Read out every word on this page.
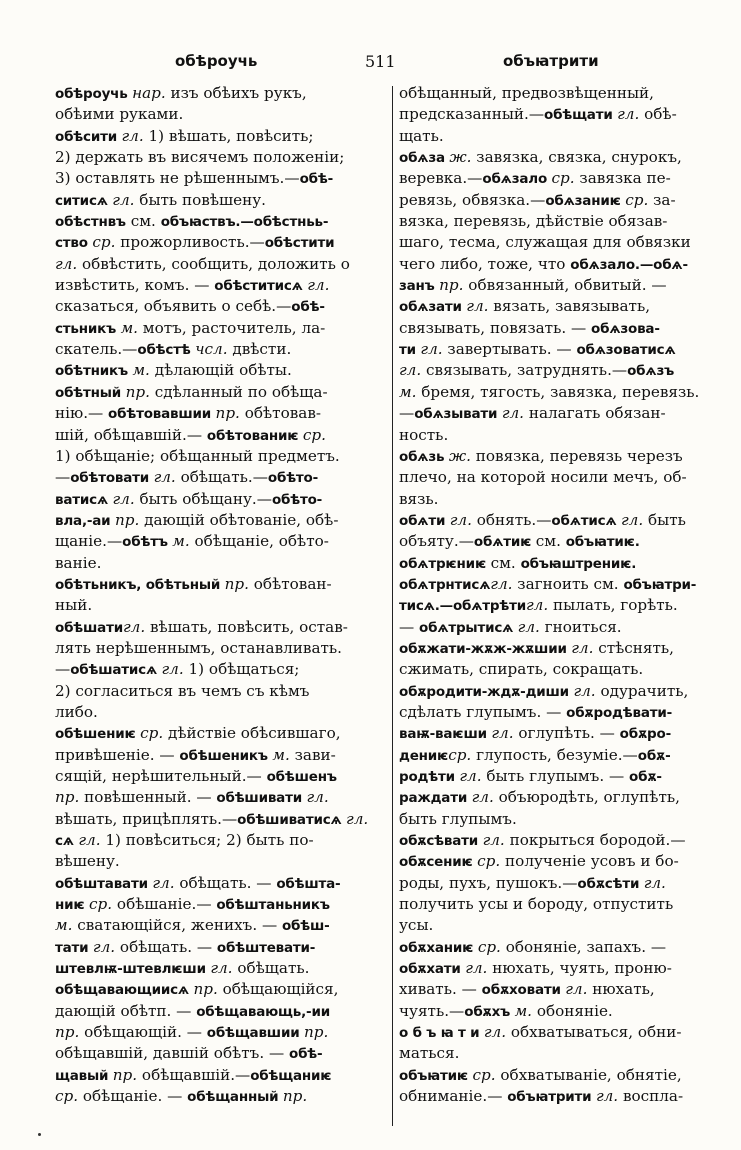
обѣроучь	511	объꙗтрити
обѣроучь нар. изъ обѣихъ рукъ,
обѣими руками.
обѣсити гл. 1) вѣшать, повѣсить;
2) держать въ висячемъ положеніи;
3) оставлять не рѣшеннымъ.—обѣ-
ситисѧ гл. быть повѣшену.
обѣстнвъ см. объꙗствъ.—обѣстньь-
ство ср. прожорливость.—обѣстити
гл. обвѣстить, сообщить, доложить о
извѣстить, комъ. — обѣститисѧ гл.
сказаться, объявить о себѣ.—обѣ-
стьникъ м. мотъ, расточитель, ла-
скатель.—обѣстѣ чсл. двѣсти.
обѣтникъ м. дѣлающій обѣты.
обѣтный пр. сдѣланный по обѣща-
нію.— обѣтовавшии пр. обѣтовав-
шій, обѣщавшій.— обѣтованиѥ ср.
1) обѣщаніе; обѣщанный предметъ.
—обѣтовати гл. обѣщать.—обѣто-
ватисѧ гл. быть обѣщану.—обѣто-
вла,-аи пр. дающій обѣтованіе, обѣ-
щаніе.—обѣтъ м. обѣщаніе, обѣто-
ваніе.
обѣтьникъ, обѣтьный пр. обѣтован-
ный.
обѣшатигл. вѣшать, повѣсить, остав-
лять нерѣшеннымъ, останавливать.
—обѣшатисѧ гл. 1) обѣщаться;
2) согласиться въ чемъ съ кѣмъ
либо.
обѣшениѥ ср. дѣйствіе обѣсившаго,
привѣшеніе. — обѣшеникъ м. зави-
сящій, нерѣшительный.— обѣшенъ
пр. повѣшенный. — обѣшивати гл.
вѣшать, прицѣплять.—обѣшиватисѧ гл.
сѧ гл. 1) повѣситься; 2) быть по-
вѣшену.
обѣштавати гл. обѣщать. — обѣшта-
ниѥ ср. обѣшаніе.— обѣштаньникъ
м. сватающійся, женихъ. — обѣш-
тати гл. обѣщать. — обѣштевати-
штевлѭ-штевлѥши гл. обѣщать.
обѣщавающиисѧ пр. обѣщающійся,
дающій обѣтп. — обѣщавающь,-ии
пр. обѣщающій. — обѣщавшии пр.
обѣщавшій, давшій обѣтъ. — обѣ-
щавый пр. обѣщавшій.—обѣщаниѥ
ср. обѣщаніе. — обѣщанный пр.
обѣщанный, предвозвѣщенный,
предсказанный.—обѣщати гл. обѣ-
щать.
обѧза ж. завязка, связка, снурокъ,
веревка.—обѧзало ср. завязка пе-
ревязь, обвязка.—обѧзаниѥ ср. за-
вязка, перевязь, дѣйствіе обязав-
шаго, тесма, служащая для обвязки
чего либо, тоже, что обѧзало.—обѧ-
занъ пр. обвязанный, обвитый. —
обѧзати гл. вязать, завязывать,
связывать, повязать. — обѧзова-
ти гл. завертывать. — обѧзоватисѧ
гл. связывать, затруднять.—обѧзъ
м. бремя, тягость, завязка, перевязь.
—обѧзывати гл. налагать обязан-
ность.
обѧзь ж. повязка, перевязь черезъ
плечо, на которой носили мечъ, об-
вязь.
обѧти гл. обнять.—обѧтисѧ гл. быть
объяту.—обѧтиѥ см. объꙗтиѥ.
обѧтрѥниѥ см. объꙗштрениѥ.
обѧтрнтисѧгл. загноить см. объꙗтри-
тисѧ.—обѧтрѣтигл. пылать, горѣть.
— обѧтрытисѧ гл. гноиться.
обѫжати-жѫж-жѫшии гл. стѣснять,
сжимать, спирать, сокращать.
обѫродити-ждѫ-диши гл. одурачить,
сдѣлать глупымъ. — обѫродѣвати-
ваѭ-ваѥши гл. оглупѣть. — обѫро-
дениѥср. глупость, безуміе.—обѫ-
родѣти гл. быть глупымъ. — обѫ-
раждати гл. объюродѣть, оглупѣть,
быть глупымъ.
обѫсѣвати гл. покрыться бородой.—
обѫсениѥ ср. полученіе усовъ и бо-
роды, пухъ, пушокъ.—обѫсѣти гл.
получить усы и бороду, отпустить
усы.
обѫханиѥ ср. обоняніе, запахъ. —
обѫхати гл. нюхать, чуять, проню-
хивать. — обѫховати гл. нюхать,
чуять.—обѫхъ м. обоняніе.
о б ъ ꙗ т и гл. обхватываться, обни-
маться.
объꙗтиѥ ср. обхватываніе, обнятіе,
обниманіе.— объꙗтрити гл. воспла-
